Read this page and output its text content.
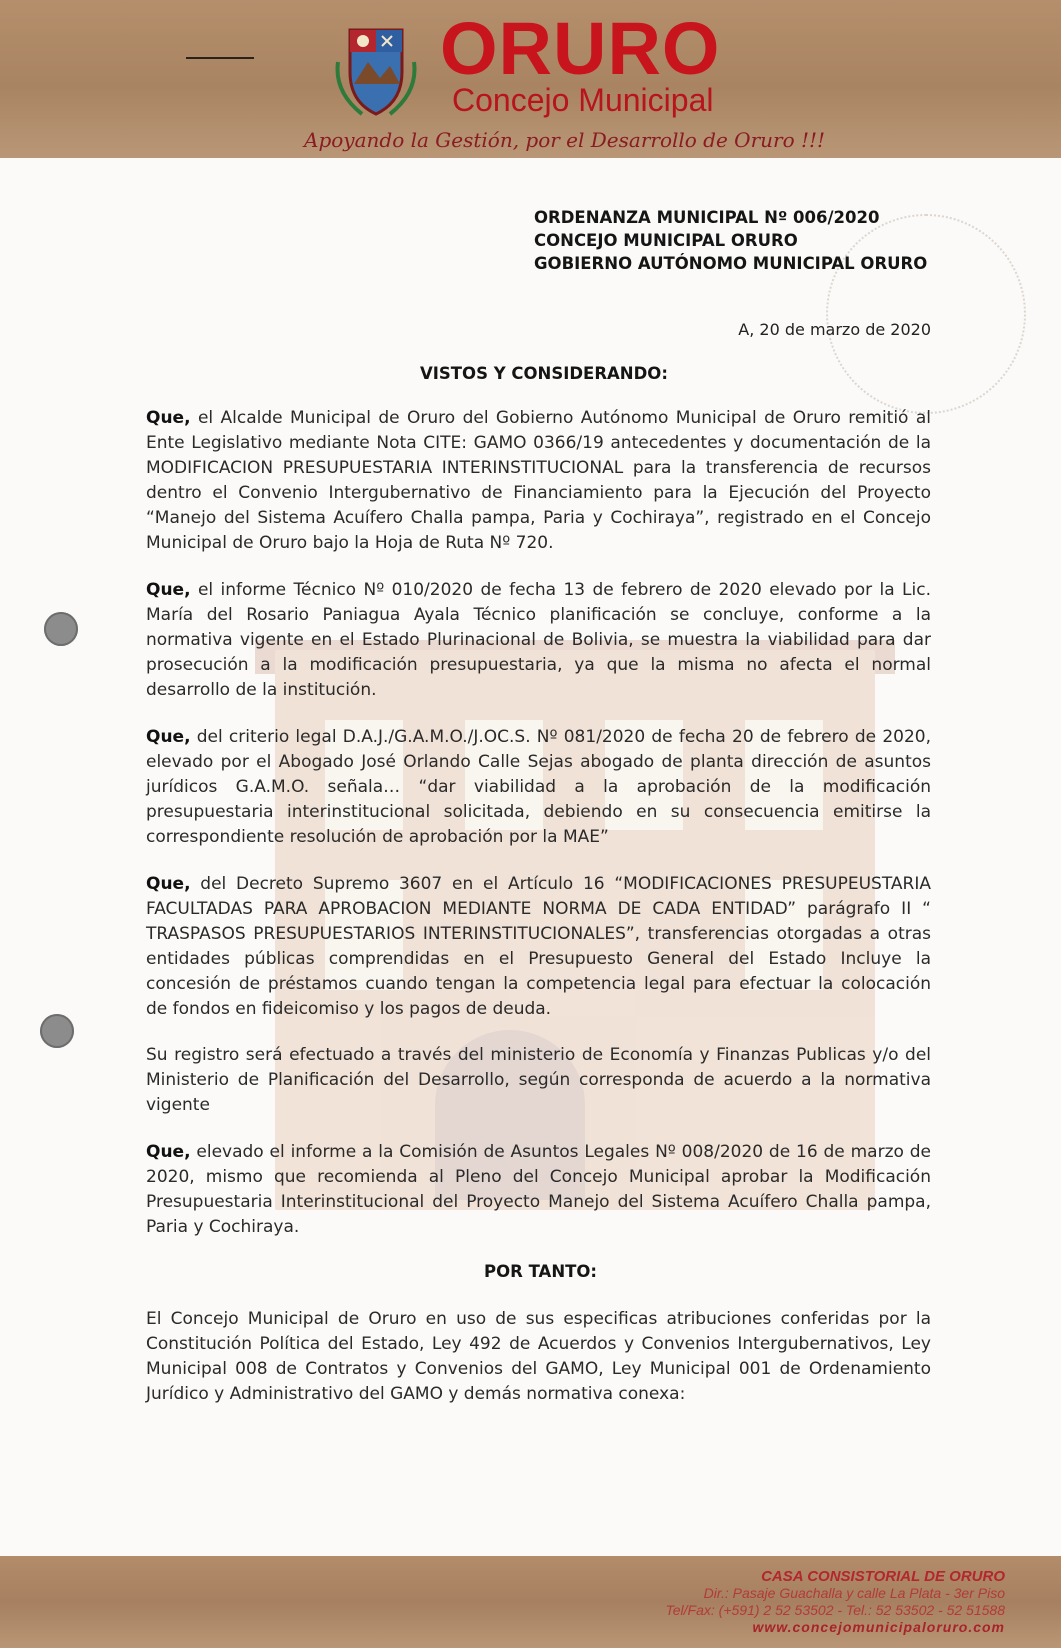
ORURO
Concejo Municipal
Apoyando la Gestión, por el Desarrollo de Oruro !!!
ORDENANZA MUNICIPAL Nº 006/2020
CONCEJO MUNICIPAL ORURO
GOBIERNO AUTÓNOMO MUNICIPAL ORURO
A, 20 de marzo de 2020
VISTOS Y CONSIDERANDO:
Que, el Alcalde Municipal de Oruro del Gobierno Autónomo Municipal de Oruro remitió al Ente Legislativo mediante Nota CITE: GAMO 0366/19 antecedentes y documentación de la MODIFICACION PRESUPUESTARIA INTERINSTITUCIONAL para la transferencia de recursos dentro el Convenio Intergubernativo de Financiamiento para la Ejecución del Proyecto “Manejo del Sistema Acuífero Challa pampa, Paria y Cochiraya”, registrado en el Concejo Municipal de Oruro bajo la Hoja de Ruta Nº 720.
Que, el informe Técnico Nº 010/2020 de fecha 13 de febrero de 2020 elevado por la Lic. María del Rosario Paniagua Ayala Técnico planificación se concluye, conforme a la normativa vigente en el Estado Plurinacional de Bolivia, se muestra la viabilidad para dar prosecución a la modificación presupuestaria, ya que la misma no afecta el normal desarrollo de la institución.
Que, del criterio legal D.A.J./G.A.M.O./J.OC.S. Nº 081/2020 de fecha 20 de febrero de 2020, elevado por el Abogado José Orlando Calle Sejas abogado de planta dirección de asuntos jurídicos G.A.M.O. señala… “dar viabilidad a la aprobación de la modificación presupuestaria interinstitucional solicitada, debiendo en su consecuencia emitirse la correspondiente resolución de aprobación por la MAE”
Que, del Decreto Supremo 3607 en el Artículo 16 “MODIFICACIONES PRESUPEUSTARIA FACULTADAS PARA APROBACION MEDIANTE NORMA DE CADA ENTIDAD” parágrafo II “ TRASPASOS PRESUPUESTARIOS INTERINSTITUCIONALES”, transferencias otorgadas a otras entidades públicas comprendidas en el Presupuesto General del Estado Incluye la concesión de préstamos cuando tengan la competencia legal para efectuar la colocación de fondos en fideicomiso y los pagos de deuda.
Su registro será efectuado a través del ministerio de Economía y Finanzas Publicas y/o del Ministerio de Planificación del Desarrollo, según corresponda de acuerdo a la normativa vigente
Que, elevado el informe a la Comisión de Asuntos Legales Nº 008/2020 de 16 de marzo de 2020, mismo que recomienda al Pleno del Concejo Municipal aprobar la Modificación Presupuestaria Interinstitucional del Proyecto Manejo del Sistema Acuífero Challa pampa, Paria y Cochiraya.
POR TANTO:
El Concejo Municipal de Oruro en uso de sus especificas atribuciones conferidas por la Constitución Política del Estado, Ley 492 de Acuerdos y Convenios Intergubernativos, Ley Municipal 008 de Contratos y Convenios del GAMO, Ley Municipal 001 de Ordenamiento Jurídico y Administrativo del GAMO y demás normativa conexa:
CASA CONSISTORIAL DE ORURO
Dir.: Pasaje Guachalla y calle La Plata - 3er Piso
Tel/Fax: (+591) 2 52 53502 - Tel.: 52 53502 - 52 51588
www.concejomunicipaloruro.com
